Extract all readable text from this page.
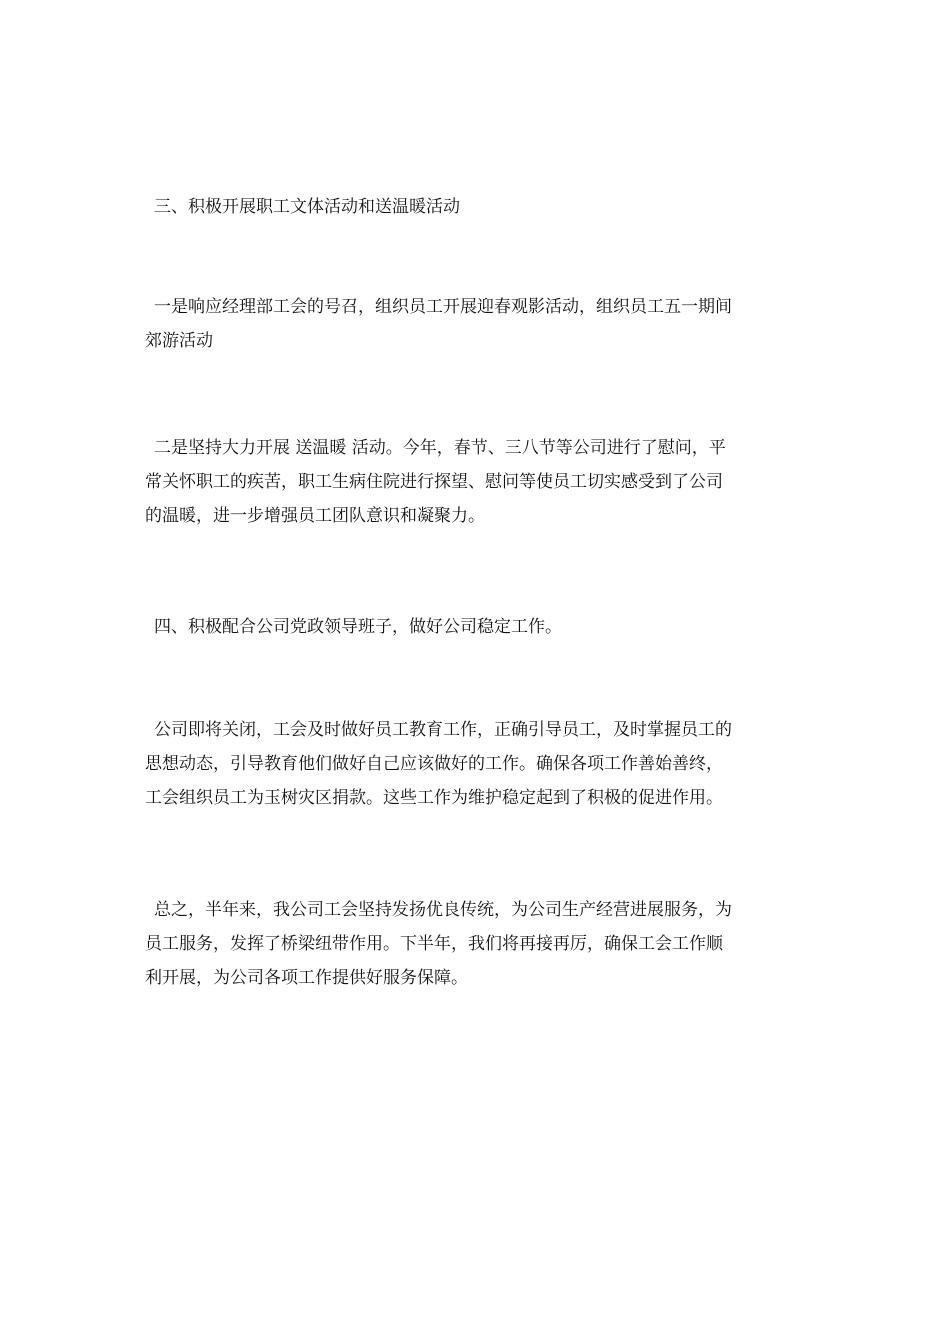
三、积极开展职工文体活动和送温暖活动

一是响应经理部工会的号召，组织员工开展迎春观影活动，组织员工五一期间
郊游活动

二是坚持大力开展 送温暖 活动。今年，春节、三八节等公司进行了慰问，平
常关怀职工的疾苦，职工生病住院进行探望、慰问等使员工切实感受到了公司
的温暖，进一步增强员工团队意识和凝聚力。

四、积极配合公司党政领导班子，做好公司稳定工作。

公司即将关闭，工会及时做好员工教育工作，正确引导员工，及时掌握员工的
思想动态，引导教育他们做好自己应该做好的工作。确保各项工作善始善终，
工会组织员工为玉树灾区捐款。这些工作为维护稳定起到了积极的促进作用。

总之，半年来，我公司工会坚持发扬优良传统，为公司生产经营进展服务，为
员工服务，发挥了桥梁纽带作用。下半年，我们将再接再厉，确保工会工作顺
利开展，为公司各项工作提供好服务保障。
